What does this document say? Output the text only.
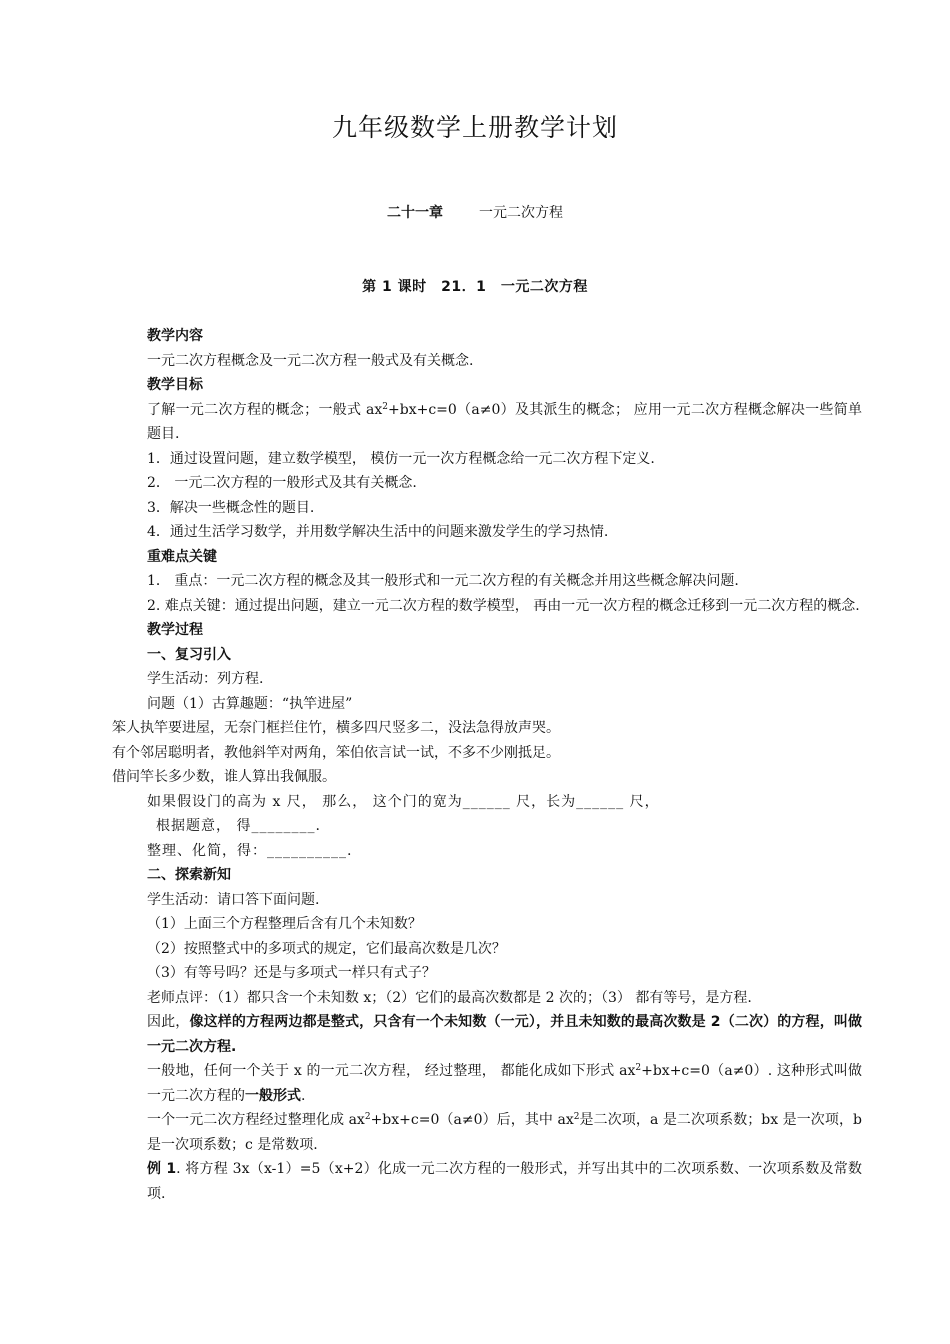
九年级数学上册教学计划
二十一章	一元二次方程
第 1 课时　21．1　一元二次方程

教学内容

一元二次方程概念及一元二次方程一般式及有关概念.

教学目标

了解一元二次方程的概念；一般式 $ax^2+bx+c=0(a\ne 0)$及其派生的概念； 应用一元二次方程概念解决一些简单题目.

1．通过设置问题，建立数学模型， 模仿一元一次方程概念给一元二次方程下定义.

2． 一元二次方程的一般形式及其有关概念.

3．解决一些概念性的题目.

4．通过生活学习数学，并用数学解决生活中的问题来激发学生的学习热情.

重难点关键

1． 重点：一元二次方程的概念及其一般形式和一元二次方程的有关概念并用这些概念解决问题.

2. 难点关键：通过提出问题，建立一元二次方程的数学模型， 再由一元一次方程的概念迁移到一元二次方程的概念.

教学过程

一、复习引入

学生活动：列方程.

问题（1）古算趣题：“执竿进屋”

笨人执竿要进屋，无奈门框拦住竹，横多四尺竖多二，没法急得放声哭。

有个邻居聪明者，教他斜竿对两角，笨伯依言试一试，不多不少刚抵足。

借问竿长多少数，谁人算出我佩服。

如果假设门的高为 x 尺， 那么， 这个门的宽为______ 尺，长为______ 尺，

根据题意， 得________.

整理、化简，得：__________.

二、探索新知

学生活动：请口答下面问题.

（1）上面三个方程整理后含有几个未知数？

（2）按照整式中的多项式的规定，它们最高次数是几次？

（3）有等号吗？还是与多项式一样只有式子？

老师点评：（1）都只含一个未知数 x；（2）它们的最高次数都是 2 次的；（3） 都有等号，是方程.

因此，像这样的方程两边都是整式，只含有一个未知数（一元），并且未知数的最高次数是 2（二次）的方程，叫做一元二次方程.

一般地，任何一个关于 x 的一元二次方程， 经过整理， 都能化成如下形式 $ax^2+bx+c=0(a\ne 0)$. 这种形式叫做一元二次方程的一般形式.

一个一元二次方程经过整理化成 $ax^2+bx+c=0(a\ne 0)$后，其中 $ax^2$是二次项，a 是二次项系数；bx 是一次项，b 是一次项系数；c 是常数项.

例 1. 将方程 3x（x-1）=5（x+2）化成一元二次方程的一般形式，并写出其中的二次项系数、一次项系数及常数项.
